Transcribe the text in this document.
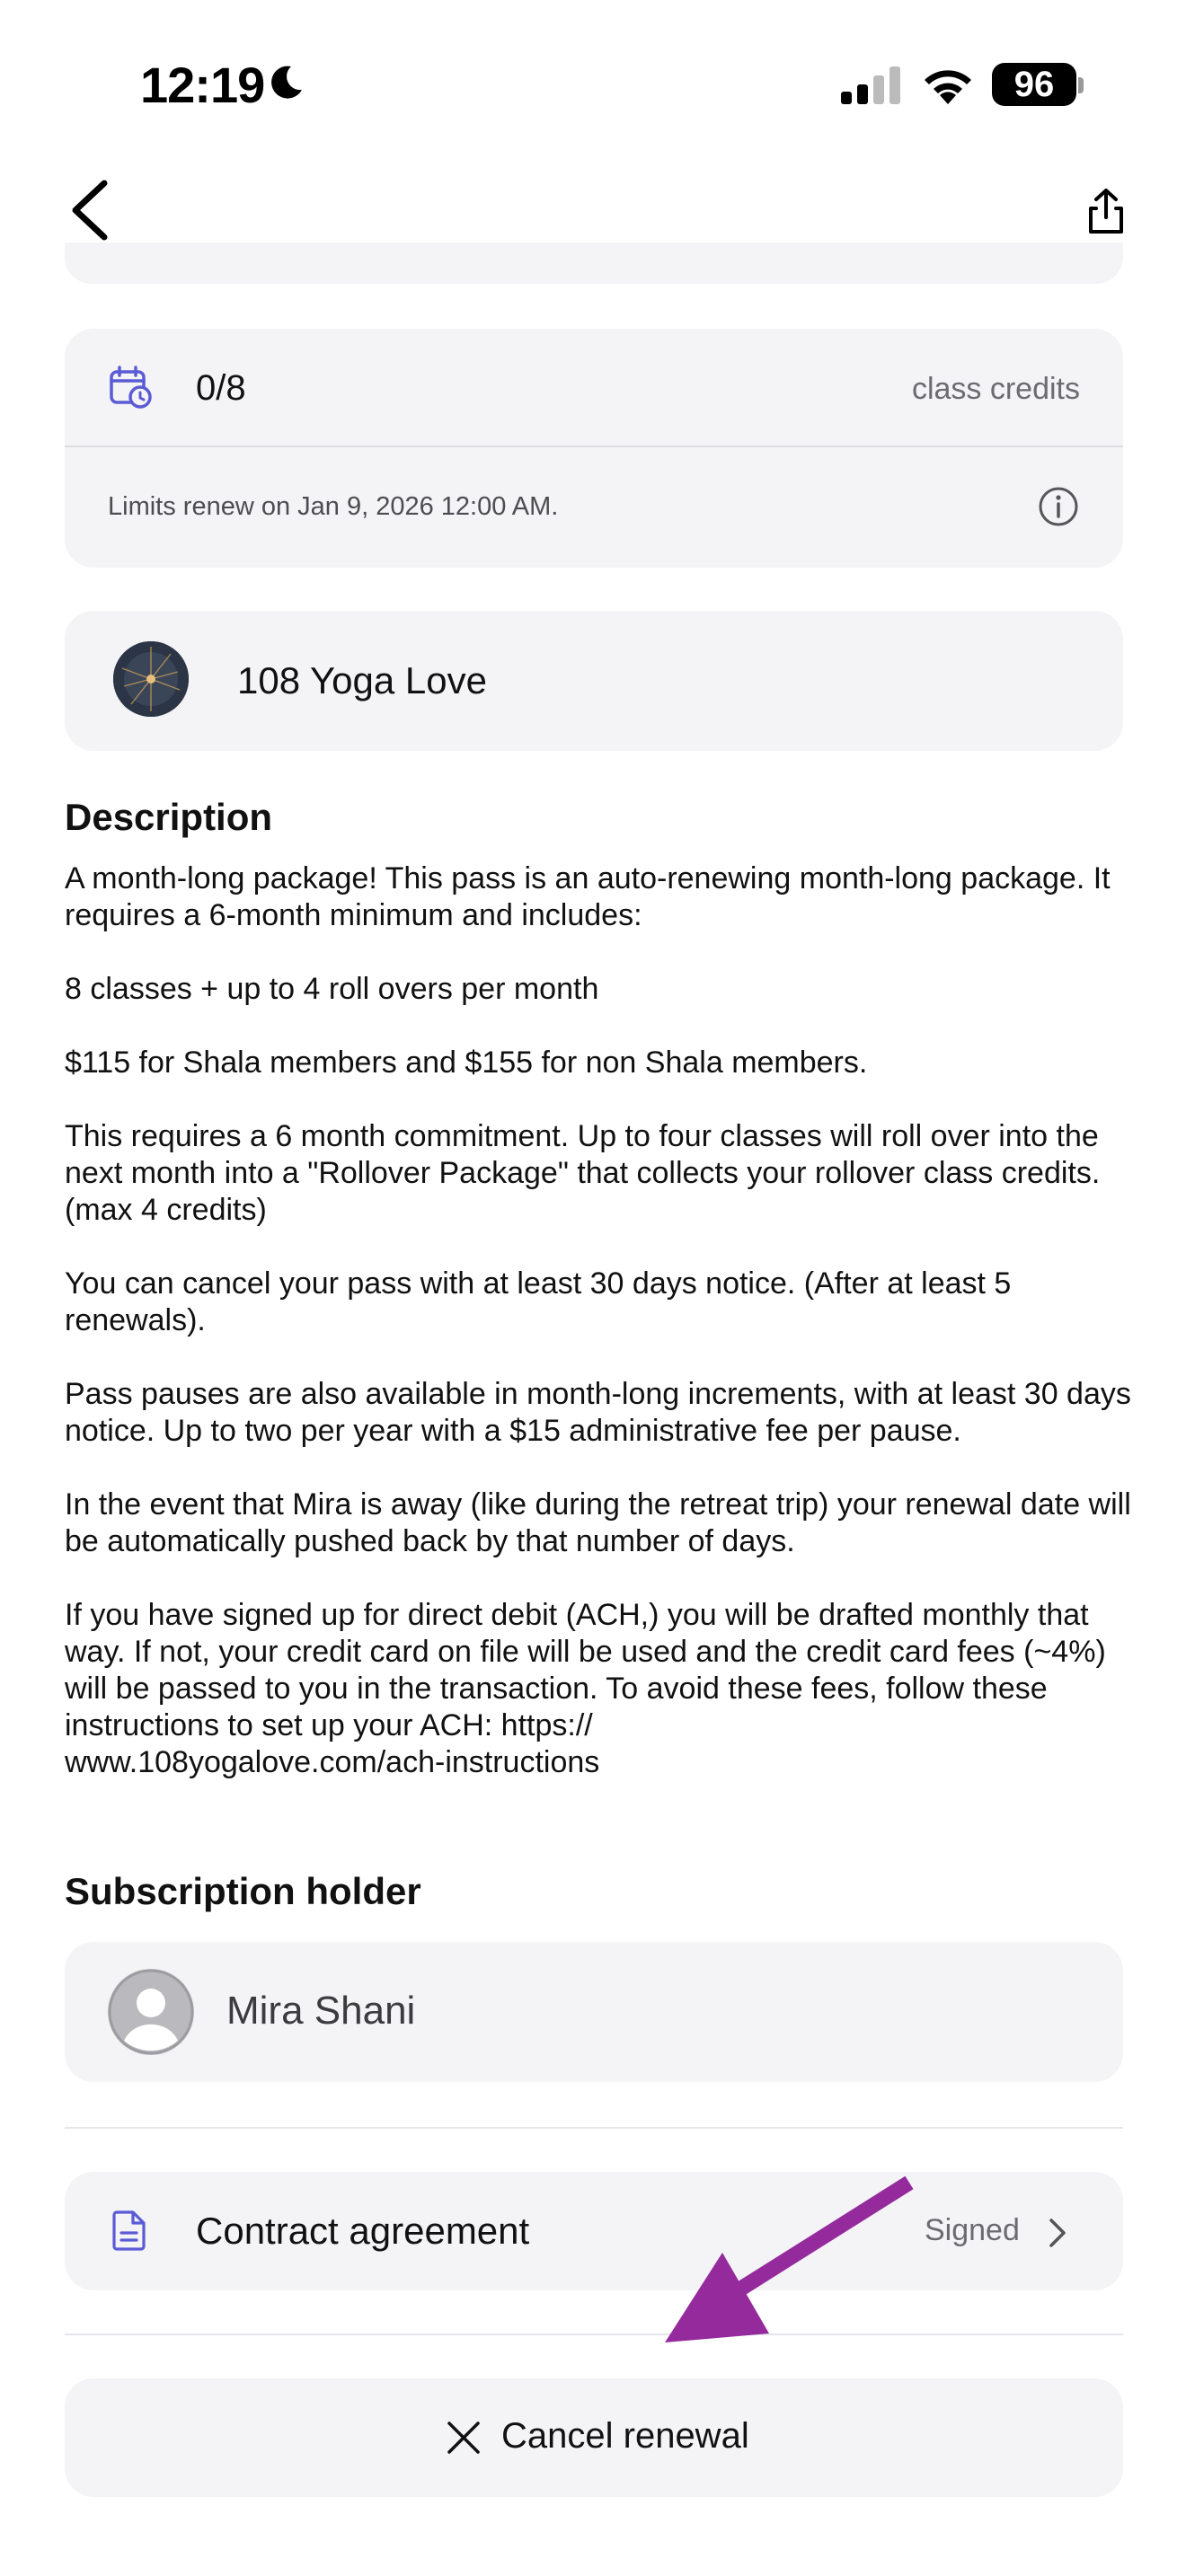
12:19	96
0/8	class credits
Limits renew on Jan 9, 2026 12:00 AM.
108 Yoga Love
Description
A month-long package! This pass is an auto-renewing month-long package. It requires a 6-month minimum and includes:

8 classes + up to 4 roll overs per month

$115 for Shala members and $155 for non Shala members.

This requires a 6 month commitment. Up to four classes will roll over into the next month into a "Rollover Package" that collects your rollover class credits. (max 4 credits)

You can cancel your pass with at least 30 days notice. (After at least 5 renewals).

Pass pauses are also available in month-long increments, with at least 30 days notice. Up to two per year with a $15 administrative fee per pause.

In the event that Mira is away (like during the retreat trip) your renewal date will be automatically pushed back by that number of days.

If you have signed up for direct debit (ACH,) you will be drafted monthly that way. If not, your credit card on file will be used and the credit card fees (~4%) will be passed to you in the transaction. To avoid these fees, follow these instructions to set up your ACH: https://
www.108yogalove.com/ach-instructions
Subscription holder
Mira Shani
Contract agreement	Signed
Cancel renewal
